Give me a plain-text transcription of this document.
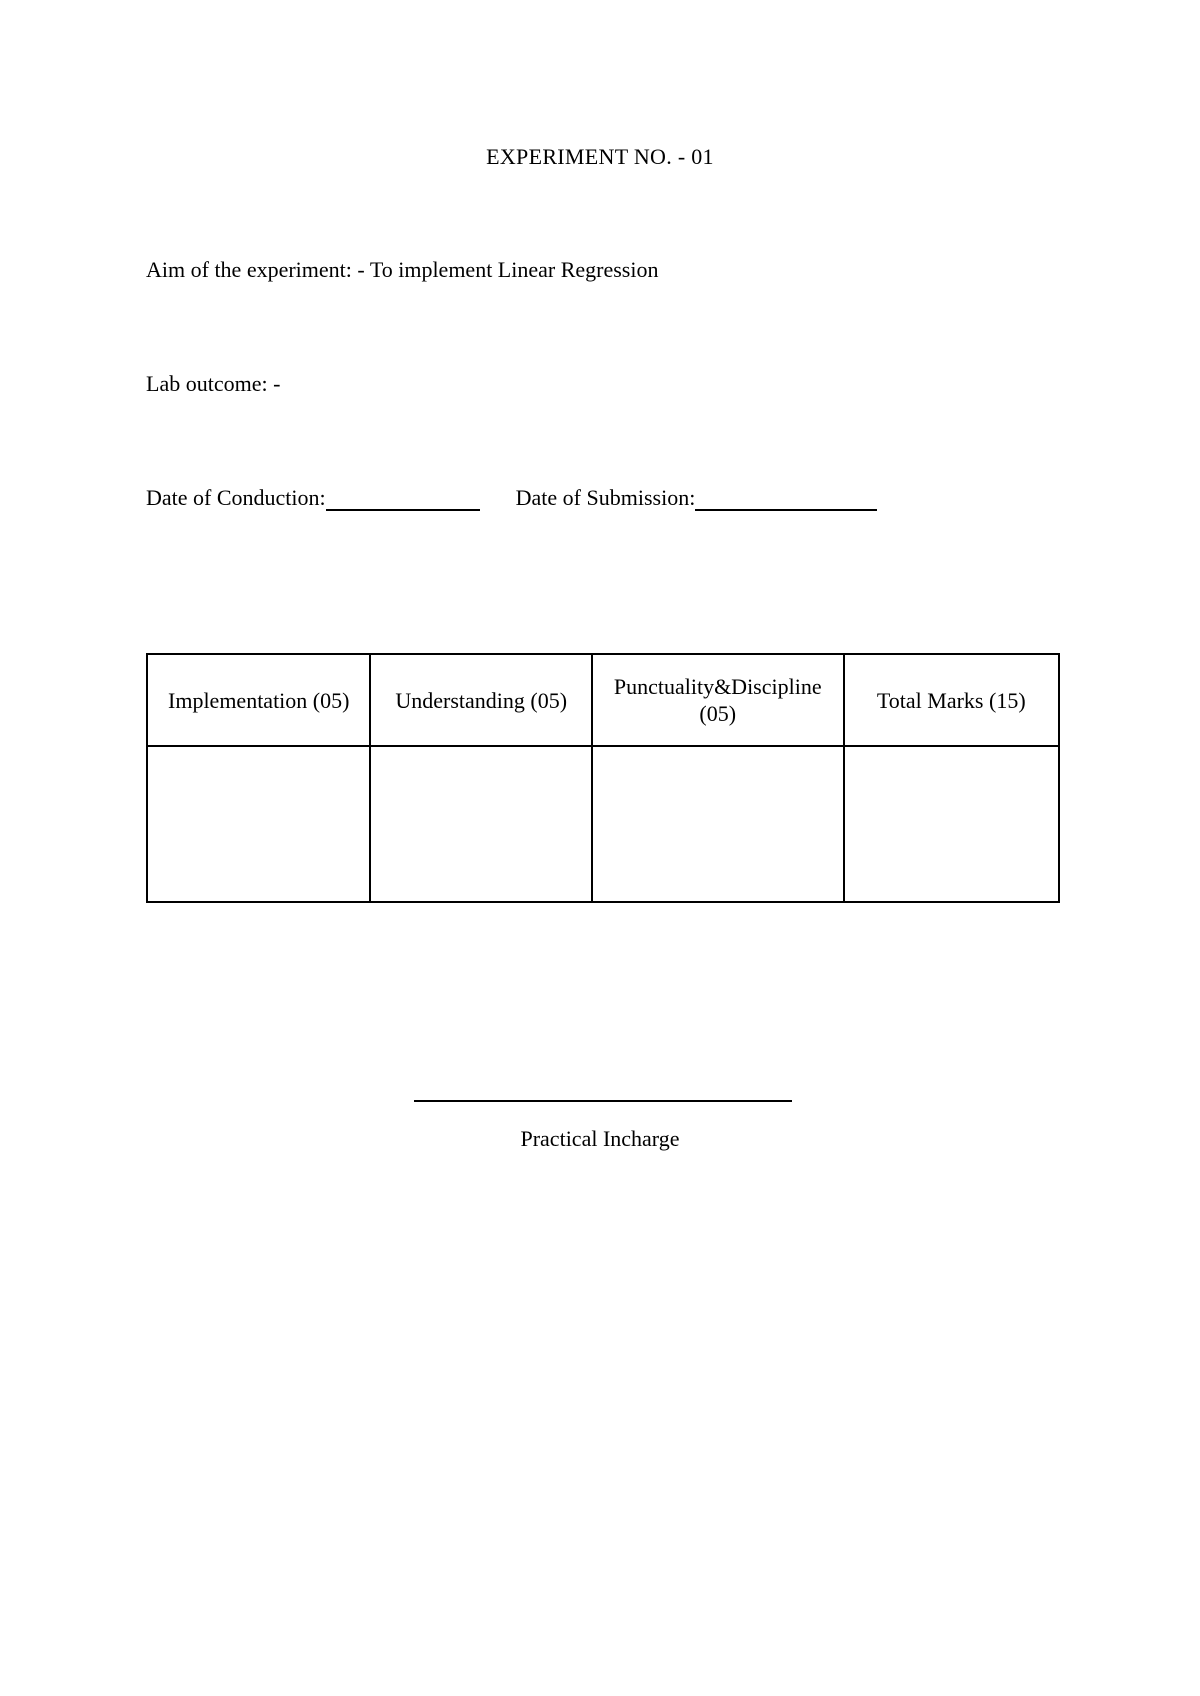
EXPERIMENT NO. - 01
Aim of the experiment: - To implement Linear Regression
Lab outcome: -
Date of Conduction:	Date of Submission:
Implementation (05)	Understanding (05)	Punctuality&Discipline (05)	Total Marks (15)

Practical Incharge
